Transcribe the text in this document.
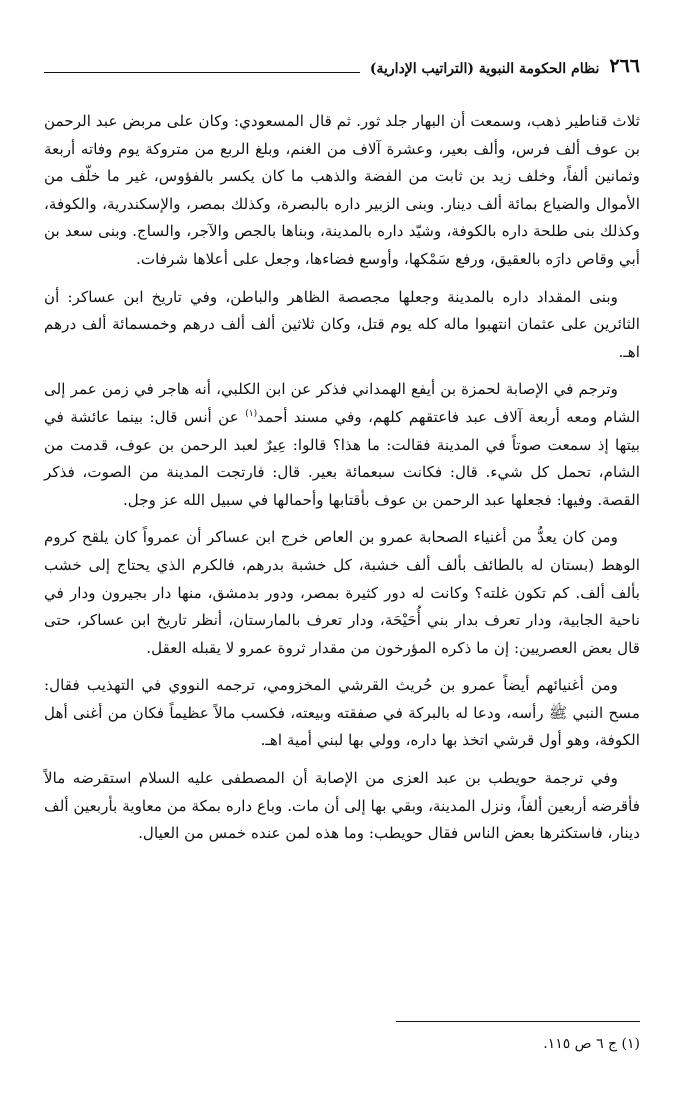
٢٦٦
نظام الحكومة النبوية (التراتيب الإدارية)

ثلاث قناطير ذهب، وسمعت أن البهار جلد ثور. ثم قال المسعودي: وكان على مربض عبد الرحمن بن عوف ألف فرس، وألف بعير، وعشرة آلاف من الغنم، وبلغ الربع من متروكة يوم وفاته أربعة وثمانين ألفاً، وخلف زيد بن ثابت من الفضة والذهب ما كان يكسر بالفؤوس، غير ما خلّف من الأموال والضياع بمائة ألف دينار. وبنى الزبير داره بالبصرة، وكذلك بمصر، والإسكندرية، والكوفة، وكذلك بنى طلحة داره بالكوفة، وشيّد داره بالمدينة، وبناها بالجص والآجر، والساج. وبنى سعد بن أبي وقاص دارَه بالعقيق، ورفع سَمْكها، وأوسع فضاءها، وجعل على أعلاها شرفات.

وبنى المقداد داره بالمدينة وجعلها مجصصة الظاهر والباطن، وفي تاريخ ابن عساكر: أن الثائرين على عثمان انتهبوا ماله كله يوم قتل، وكان ثلاثين ألف ألف درهم وخمسمائة ألف درهم اهـ.

وترجم في الإصابة لحمزة بن أيفع الهمداني فذكر عن ابن الكلبي، أنه هاجر في زمن عمر إلى الشام ومعه أربعة آلاف عبد فاعتقهم كلهم، وفي مسند أحمد$^{(١)}$ عن أنس قال: بينما عائشة في بيتها إذ سمعت صوتاً في المدينة فقالت: ما هذا؟ قالوا: عِيرٌ لعبد الرحمن بن عوف، قدمت من الشام، تحمل كل شيء. قال: فكانت سبعمائة بعير. قال: فارتجت المدينة من الصوت، فذكر القصة. وفيها: فجعلها عبد الرحمن بن عوف بأقتابها وأحمالها في سبيل الله عز وجل.

ومن كان يعدُّ من أغنياء الصحابة عمرو بن العاص خرج ابن عساكر أن عمرواً كان يلقح كروم الوهط (بستان له بالطائف بألف ألف خشبة، كل خشبة بدرهم، فالكرم الذي يحتاج إلى خشب بألف ألف. كم تكون غلته؟ وكانت له دور كثيرة بمصر، ودور بدمشق، منها دار بجيرون ودار في ناحية الجابية، ودار تعرف بدار بني أُحَيْحَة، ودار تعرف بالمارستان، أنظر تاريخ ابن عساكر، حتى قال بعض العصريين: إن ما ذكره المؤرخون من مقدار ثروة عمرو لا يقبله العقل.

ومن أغنيائهم أيضاً عمرو بن حُريث القرشي المخزومي، ترجمه النووي في التهذيب فقال: مسح النبي ﷺ رأسه، ودعا له بالبركة في صفقته وبيعته، فكسب مالاً عظيماً فكان من أغنى أهل الكوفة، وهو أول قرشي اتخذ بها داره، وولي بها لبني أمية اهـ.

وفي ترجمة حويطب بن عبد العزى من الإصابة أن المصطفى عليه السلام استقرضه مالاً فأقرضه أربعين ألفاً، ونزل المدينة، وبقي بها إلى أن مات. وباع داره بمكة من معاوية بأربعين ألف دينار، فاستكثرها بعض الناس فقال حويطب: وما هذه لمن عنده خمس من العيال.

(١) ج ٦ ص ١١٥.
